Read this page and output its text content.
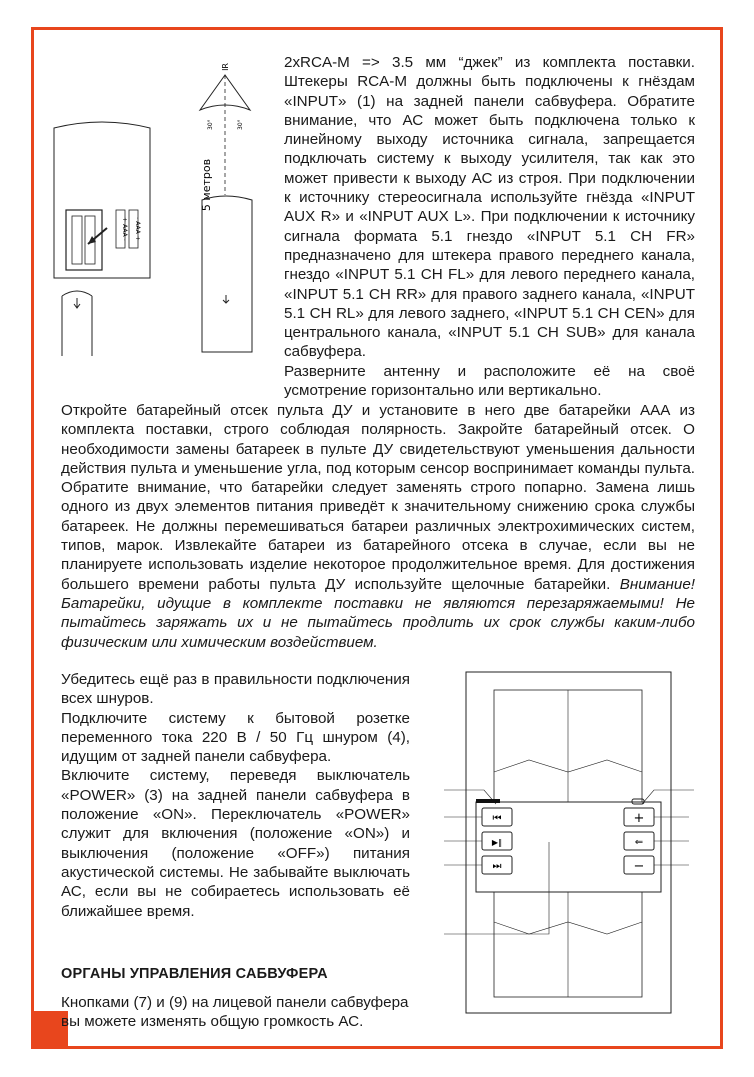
+ AAA - - AAA +
IR
30°	30°
5 метров

2xRCA-M => 3.5 мм “джек” из комплекта поставки. Штекеры RCA-M должны быть подключены к гнёздам «INPUT» (1) на задней панели сабвуфера. Обратите внимание, что АС может быть подключена только к линейному выходу источника сигнала, запрещается подключать систему к выходу усилителя, так как это может привести к выходу АС из строя. При подключении к источнику стереосигнала используйте гнёзда «INPUT AUX R» и «INPUT AUX L». При подключении к источнику сигнала формата 5.1 гнездо «INPUT 5.1 CH FR» предназначено для штекера правого переднего канала, гнездо «INPUT 5.1 CH FL» для левого переднего канала, «INPUT 5.1 CH RR» для правого заднего канала, «INPUT 5.1 CH RL» для левого заднего, «INPUT 5.1 CH CEN» для центрального канала, «INPUT 5.1 CH SUB» для канала сабвуфера.

Разверните антенну и расположите её на своё усмотрение горизонтально или вертикально.

Откройте батарейный отсек пульта ДУ и установите в него две батарейки ААА из комплекта поставки, строго соблюдая полярность. Закройте батарейный отсек. О необходимости замены батареек в пульте ДУ свидетельствуют уменьшения дальности действия пульта и уменьшение угла, под которым сенсор воспринимает команды пульта. Обратите внимание, что батарейки следует заменять строго попарно. Замена лишь одного из двух элементов питания приведёт к значительному снижению срока службы батареек. Не должны перемешиваться батареи различных электрохимических систем, типов, марок. Извлекайте батареи из батарейного отсека в случае, если вы не планируете использовать изделие некоторое продолжительное время. Для достижения большего времени работы пульта ДУ используйте щелочные батарейки. Внимание! Батарейки, идущие в комплекте поставки не являются перезаряжаемыми! Не пытайтесь заряжать их и не пытайтесь продлить их срок службы каким-либо физическим или химическим воздействием.

Убедитесь ещё раз в правильности подключения всех шнуров.

Подключите систему к бытовой розетке переменного тока 220 В / 50 Гц шнуром (4), идущим от задней панели сабвуфера.

Включите систему, переведя выключатель «POWER» (3) на задней панели сабвуфера в положение «ON». Переключатель «POWER» служит для включения (положение «ON») и выключения (положение «OFF») питания акустической системы. Не забывайте выключать АС, если вы не собираетесь использовать её ближайшее время.

ОРГАНЫ УПРАВЛЕНИЯ САБВУФЕРА

Кнопками (7) и (9) на лицевой панели сабвуфера вы можете изменять общую громкость АС.

⏮
▶‖
⏭
+
⇐
−
